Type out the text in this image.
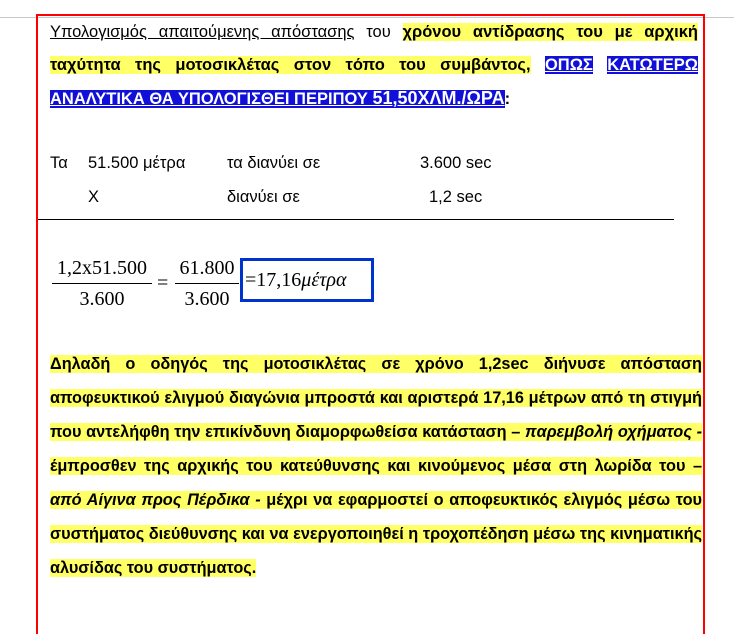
Υπολογισμός απαιτούμενης απόστασης του χρόνου αντίδρασης του με αρχική ταχύτητα της μοτοσικλέτας στον τόπο του συμβάντος, ΟΠΩΣ ΚΑΤΩΤΕΡΩ ΑΝΑΛΥΤΙΚΑ ΘΑ ΥΠΟΛΟΓΙΣΘΕΙ ΠΕΡΙΠΟΥ 51,50ΧΛΜ./ΩΡΑ:

Τα 51.500 μέτρα	τα διανύει σε	3.600 sec
X	διανύει σε	1,2 sec
1,2x51.500
3.600
=
61.800
3.600
=17,16μέτρα

Δηλαδή ο οδηγός της μοτοσικλέτας σε χρόνο 1,2sec διήνυσε απόσταση αποφευκτικού ελιγμού διαγώνια μπροστά και αριστερά 17,16 μέτρων από τη στιγμή που αντελήφθη την επικίνδυνη διαμορφωθείσα κατάσταση – παρεμβολή οχήματος - έμπροσθεν της αρχικής του κατεύθυνσης και κινούμενος μέσα στη λωρίδα του – από Αίγινα προς Πέρδικα - μέχρι να εφαρμοστεί ο αποφευκτικός ελιγμός μέσω του συστήματος διεύθυνσης και να ενεργοποιηθεί η τροχοπέδηση μέσω της κινηματικής αλυσίδας του συστήματος.
